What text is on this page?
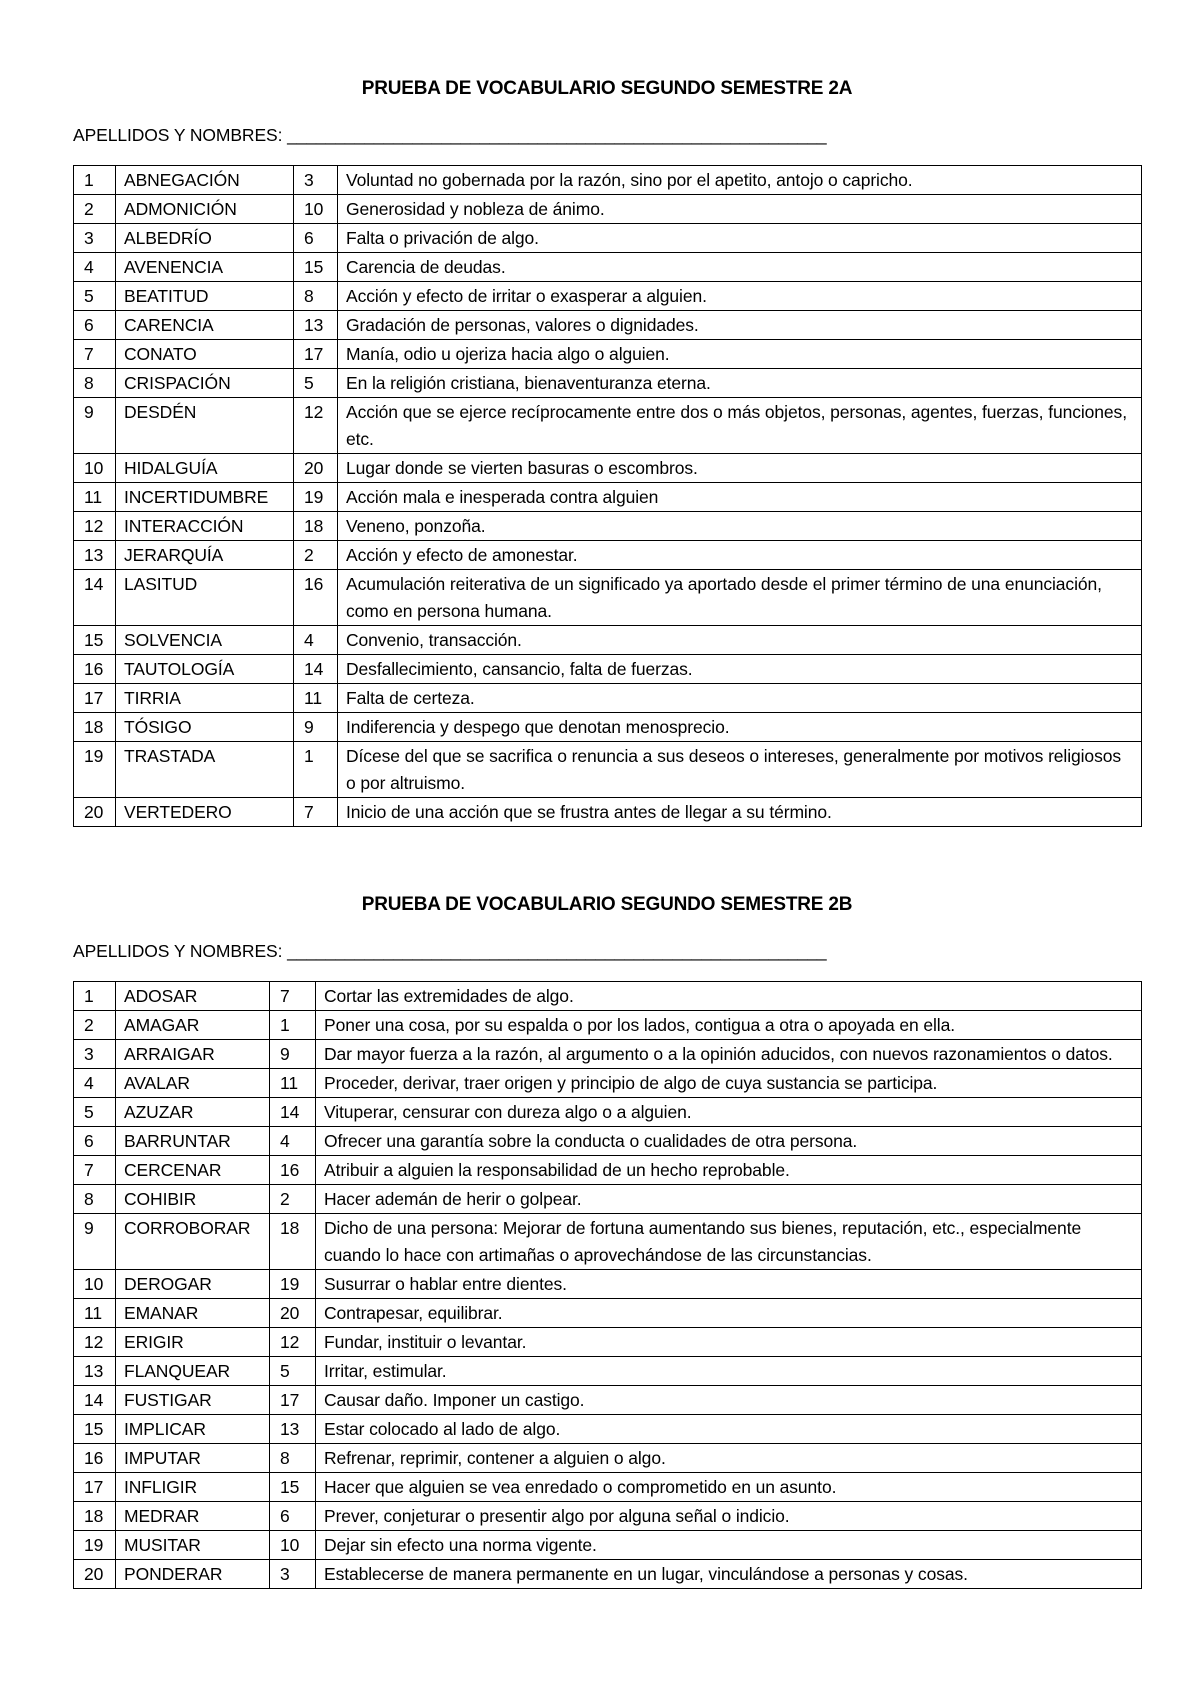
PRUEBA DE VOCABULARIO SEGUNDO SEMESTRE 2A
APELLIDOS Y NOMBRES: ________________________________________________________
1	ABNEGACIÓN	3	Voluntad no gobernada por la razón, sino por el apetito, antojo o capricho.
2	ADMONICIÓN	10	Generosidad y nobleza de ánimo.
3	ALBEDRÍO	6	Falta o privación de algo.
4	AVENENCIA	15	Carencia de deudas.
5	BEATITUD	8	Acción y efecto de irritar o exasperar a alguien.
6	CARENCIA	13	Gradación de personas, valores o dignidades.
7	CONATO	17	Manía, odio u ojeriza hacia algo o alguien.
8	CRISPACIÓN	5	En la religión cristiana, bienaventuranza eterna.
9	DESDÉN	12	Acción que se ejerce recíprocamente entre dos o más objetos, personas, agentes, fuerzas, funciones, etc.
10	HIDALGUÍA	20	Lugar donde se vierten basuras o escombros.
11	INCERTIDUMBRE	19	Acción mala e inesperada contra alguien
12	INTERACCIÓN	18	Veneno, ponzoña.
13	JERARQUÍA	2	Acción y efecto de amonestar.
14	LASITUD	16	Acumulación reiterativa de un significado ya aportado desde el primer término de una enunciación, como en persona humana.
15	SOLVENCIA	4	Convenio, transacción.
16	TAUTOLOGÍA	14	Desfallecimiento, cansancio, falta de fuerzas.
17	TIRRIA	11	Falta de certeza.
18	TÓSIGO	9	Indiferencia y despego que denotan menosprecio.
19	TRASTADA	1	Dícese del que se sacrifica o renuncia a sus deseos o intereses, generalmente por motivos religiosos o por altruismo.
20	VERTEDERO	7	Inicio de una acción que se frustra antes de llegar a su término.
PRUEBA DE VOCABULARIO SEGUNDO SEMESTRE 2B
APELLIDOS Y NOMBRES: ________________________________________________________
1	ADOSAR	7	Cortar las extremidades de algo.
2	AMAGAR	1	Poner una cosa, por su espalda o por los lados, contigua a otra o apoyada en ella.
3	ARRAIGAR	9	Dar mayor fuerza a la razón, al argumento o a la opinión aducidos, con nuevos razonamientos o datos.
4	AVALAR	11	Proceder, derivar, traer origen y principio de algo de cuya sustancia se participa.
5	AZUZAR	14	Vituperar, censurar con dureza algo o a alguien.
6	BARRUNTAR	4	Ofrecer una garantía sobre la conducta o cualidades de otra persona.
7	CERCENAR	16	Atribuir a alguien la responsabilidad de un hecho reprobable.
8	COHIBIR	2	Hacer ademán de herir o golpear.
9	CORROBORAR	18	Dicho de una persona: Mejorar de fortuna aumentando sus bienes, reputación, etc., especialmente cuando lo hace con artimañas o aprovechándose de las circunstancias.
10	DEROGAR	19	Susurrar o hablar entre dientes.
11	EMANAR	20	Contrapesar, equilibrar.
12	ERIGIR	12	Fundar, instituir o levantar.
13	FLANQUEAR	5	Irritar, estimular.
14	FUSTIGAR	17	Causar daño. Imponer un castigo.
15	IMPLICAR	13	Estar colocado al lado de algo.
16	IMPUTAR	8	Refrenar, reprimir, contener a alguien o algo.
17	INFLIGIR	15	Hacer que alguien se vea enredado o comprometido en un asunto.
18	MEDRAR	6	Prever, conjeturar o presentir algo por alguna señal o indicio.
19	MUSITAR	10	Dejar sin efecto una norma vigente.
20	PONDERAR	3	Establecerse de manera permanente en un lugar, vinculándose a personas y cosas.
